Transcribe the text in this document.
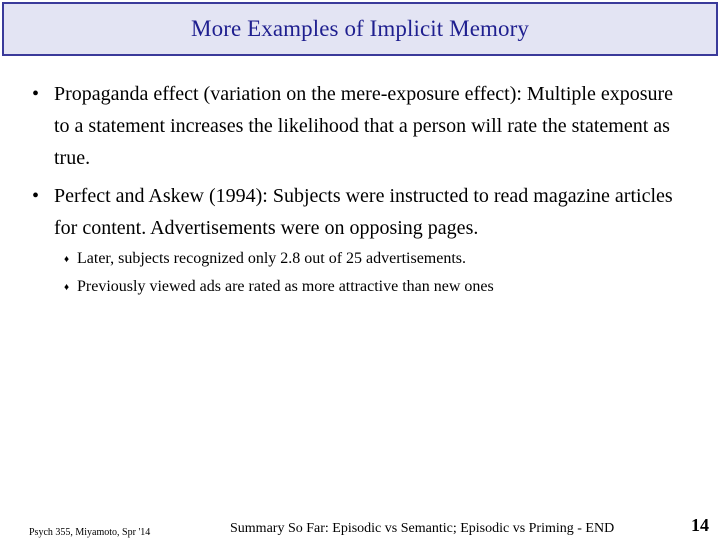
More Examples of Implicit Memory
• Propaganda effect (variation on the mere-exposure effect): Multiple exposure to a statement increases the likelihood that a person will rate the statement as true.
• Perfect and Askew (1994): Subjects were instructed to read magazine articles for content. Advertisements were on opposing pages.
♦ Later, subjects recognized only 2.8 out of 25 advertisements.
♦ Previously viewed ads are rated as more attractive than new ones
Psych 355, Miyamoto, Spr '14	Summary So Far: Episodic vs Semantic; Episodic vs Priming - END	14
